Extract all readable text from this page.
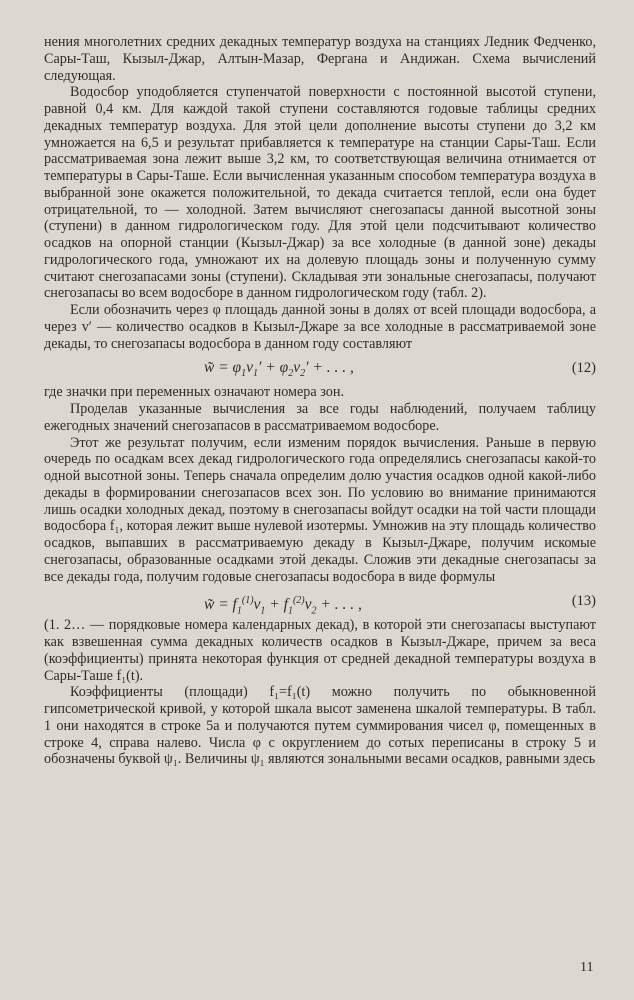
нения многолетних средних декадных температур воздуха на станциях Ледник Федченко, Сары-Таш, Кызыл-Джар, Алтын-Мазар, Фергана и Андижан. Схема вычислений следующая.

Водосбор уподобляется ступенчатой поверхности с постоянной высотой ступени, равной 0,4 км. Для каждой такой ступени составляются годовые таблицы средних декадных температур воздуха. Для этой цели дополнение высоты ступени до 3,2 км умножается на 6,5 и результат прибавляется к температуре на станции Сары-Таш. Если рассматриваемая зона лежит выше 3,2 км, то соответствующая величина отнимается от температуры в Сары-Таше. Если вычисленная указанным способом температура воздуха в выбранной зоне окажется положительной, то декада считается теплой, если она будет отрицательной, то — холодной. Затем вычисляют снегозапасы данной высотной зоны (ступени) в данном гидрологическом году. Для этой цели подсчитывают количество осадков на опорной станции (Кызыл-Джар) за все холодные (в данной зоне) декады гидрологического года, умножают их на долевую площадь зоны и полученную сумму считают снегозапасами зоны (ступени). Складывая эти зональные снегозапасы, получают снегозапасы во всем водосборе в данном гидрологическом году (табл. 2).

Если обозначить через φ площадь данной зоны в долях от всей площади водосбора, а через v′ — количество осадков в Кызыл-Джаре за все холодные в рассматриваемой зоне декады, то снегозапасы водосбора в данном году составляют

w̃ = $\varphi_1v_1' + \varphi_2v_2'$ + . . . ,	(12)

где значки при переменных означают номера зон.

Проделав указанные вычисления за все годы наблюдений, получаем таблицу ежегодных значений снегозапасов в рассматриваемом водосборе.

Этот же результат получим, если изменим порядок вычисления. Раньше в первую очередь по осадкам всех декад гидрологического года определялись снегозапасы какой-то одной высотной зоны. Теперь сначала определим долю участия осадков одной какой-либо декады в формировании снегозапасов всех зон. По условию во внимание принимаются лишь осадки холодных декад, поэтому в снегозапасы войдут осадки на той части площади водосбора f₁, которая лежит выше нулевой изотермы. Умножив на эту площадь количество осадков, выпавших в рассматриваемую декаду в Кызыл-Джаре, получим искомые снегозапасы, образованные осадками этой декады. Сложив эти декадные снегозапасы за все декады года, получим годовые снегозапасы водосбора в виде формулы

w̃ = $f_1^{(1)}v_1 + f_1^{(2)}v_2$ + . . . ,	(13)

(1. 2… — порядковые номера календарных декад), в которой эти снегозапасы выступают как взвешенная сумма декадных количеств осадков в Кызыл-Джаре, причем за веса (коэффициенты) принята некоторая функция от средней декадной температуры воздуха в Сары-Таше f₁(t).

Коэффициенты (площади) f₁=f₁(t) можно получить по обыкновенной гипсометрической кривой, у которой шкала высот заменена шкалой температуры. В табл. 1 они находятся в строке 5а и получаются путем суммирования чисел φ, помещенных в строке 4, справа налево. Числа φ с округлением до сотых переписаны в строку 5 и обозначены буквой ψ₁. Величины ψ₁ являются зональными весами осадков, равными здесь

11
